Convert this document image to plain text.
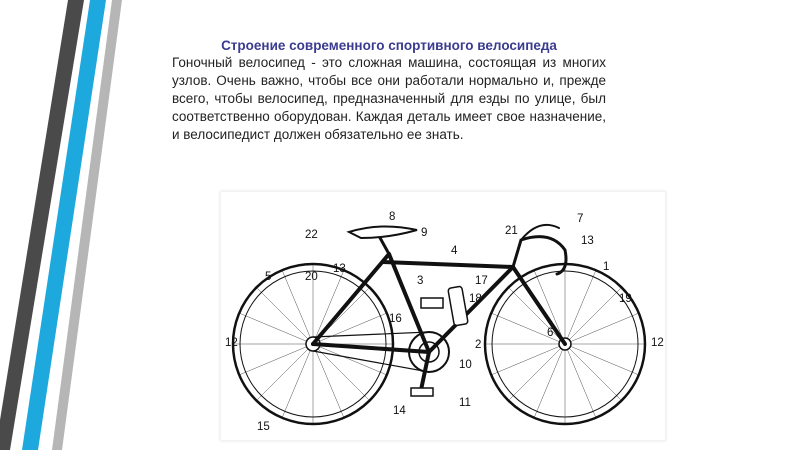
Строение современного спортивного велосипеда

Гоночный велосипед - это сложная машина, состоящая из многих узлов. Очень важно, чтобы все они работали нормально и, прежде всего, чтобы велосипед, предназначенный для езды по улице, был соответственно оборудован. Каждая деталь имеет свое назначение, и велосипедист должен обязательно ее знать.

8
22	9
4
21
7
13
1
5	20
13
3	17
18	19
16
6
12	12
2
10
11
14
15
